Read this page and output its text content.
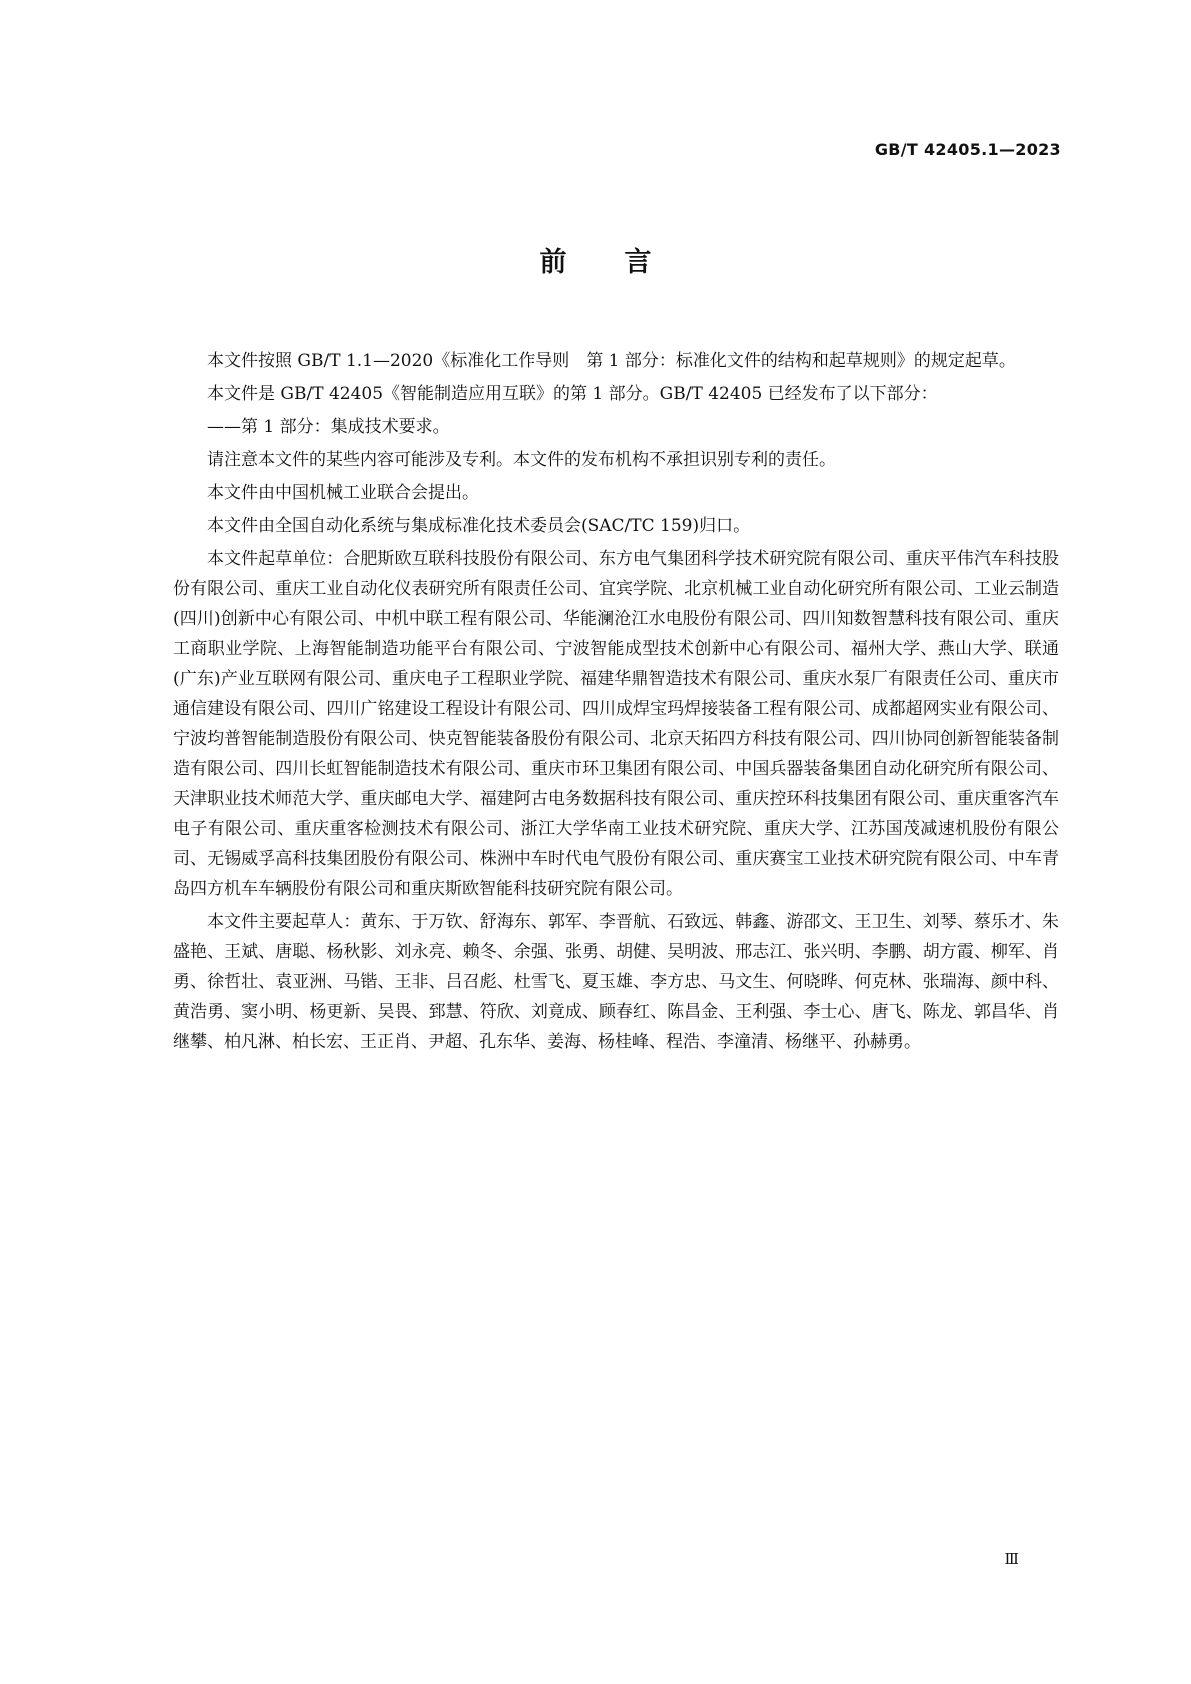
GB/T 42405.1—2023
前言

本文件按照 GB/T 1.1—2020《标准化工作导则　第 1 部分：标准化文件的结构和起草规则》的规定起草。

本文件是 GB/T 42405《智能制造应用互联》的第 1 部分。GB/T 42405 已经发布了以下部分：

——第 1 部分：集成技术要求。

请注意本文件的某些内容可能涉及专利。本文件的发布机构不承担识别专利的责任。

本文件由中国机械工业联合会提出。

本文件由全国自动化系统与集成标准化技术委员会(SAC/TC 159)归口。

本文件起草单位：合肥斯欧互联科技股份有限公司、东方电气集团科学技术研究院有限公司、重庆平伟汽车科技股份有限公司、重庆工业自动化仪表研究所有限责任公司、宜宾学院、北京机械工业自动化研究所有限公司、工业云制造(四川)创新中心有限公司、中机中联工程有限公司、华能澜沧江水电股份有限公司、四川知数智慧科技有限公司、重庆工商职业学院、上海智能制造功能平台有限公司、宁波智能成型技术创新中心有限公司、福州大学、燕山大学、联通(广东)产业互联网有限公司、重庆电子工程职业学院、福建华鼎智造技术有限公司、重庆水泵厂有限责任公司、重庆市通信建设有限公司、四川广铭建设工程设计有限公司、四川成焊宝玛焊接装备工程有限公司、成都超网实业有限公司、宁波均普智能制造股份有限公司、快克智能装备股份有限公司、北京天拓四方科技有限公司、四川协同创新智能装备制造有限公司、四川长虹智能制造技术有限公司、重庆市环卫集团有限公司、中国兵器装备集团自动化研究所有限公司、天津职业技术师范大学、重庆邮电大学、福建阿古电务数据科技有限公司、重庆控环科技集团有限公司、重庆重客汽车电子有限公司、重庆重客检测技术有限公司、浙江大学华南工业技术研究院、重庆大学、江苏国茂减速机股份有限公司、无锡威孚高科技集团股份有限公司、株洲中车时代电气股份有限公司、重庆赛宝工业技术研究院有限公司、中车青岛四方机车车辆股份有限公司和重庆斯欧智能科技研究院有限公司。

本文件主要起草人：黄东、于万钦、舒海东、郭军、李晋航、石致远、韩鑫、游邵文、王卫生、刘琴、蔡乐才、朱盛艳、王斌、唐聪、杨秋影、刘永亮、赖冬、余强、张勇、胡健、吴明波、邢志江、张兴明、李鹏、胡方霞、柳军、肖勇、徐哲壮、袁亚洲、马锴、王非、吕召彪、杜雪飞、夏玉雄、李方忠、马文生、何晓晔、何克林、张瑞海、颜中科、黄浩勇、窦小明、杨更新、吴畏、郅慧、符欣、刘竟成、顾春红、陈昌金、王利强、李士心、唐飞、陈龙、郭昌华、肖继攀、柏凡淋、柏长宏、王正肖、尹超、孔东华、姜海、杨桂峰、程浩、李潼清、杨继平、孙赫勇。

Ⅲ
